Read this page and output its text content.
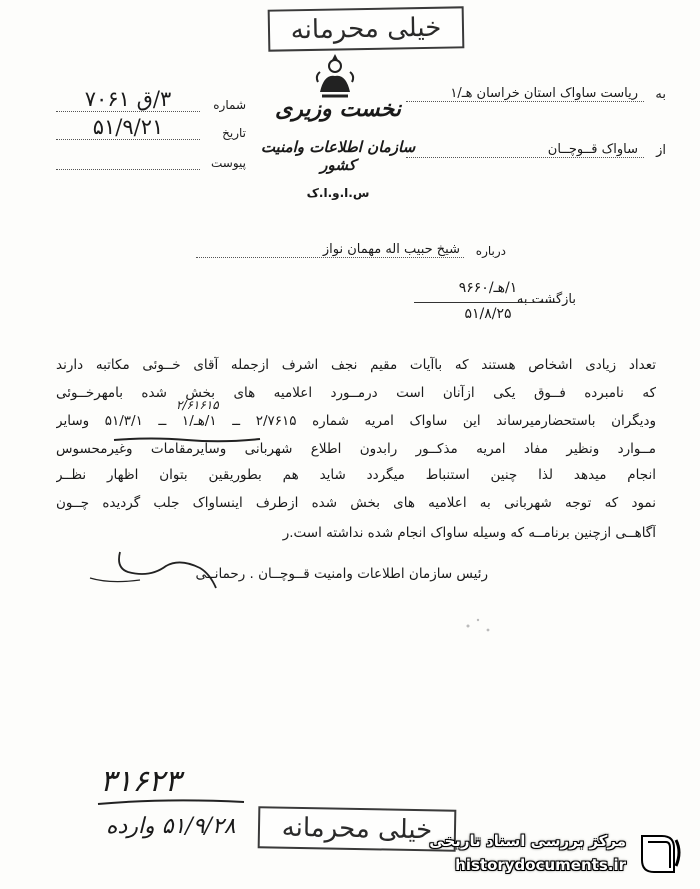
خیلی محرمانه
نخست وزیری
سازمان اطلاعات وامنیت کشور
س.ا.و.ا.ک
شماره
۳/ق ۷۰۶۱
تاریخ
۵۱/۹/۲۱
پیوست
به
ریاست ساواک استان خراسان هـ/۱
از
ساواک قــوچــان
درباره
شیخ حبیب اله مهمان نواز
بازگشت به
۱/هـ/۹۶۶۰
۵۱/۸/۲۵
تعداد زیادی اشخاص هستند که باآیات مقیم نجف اشرف ازجمله آقای خــوئی مکاتبه دارند
که نامبرده فــوق یکی ازآنان است درمــورد اعلامیه های بخش شده بامهرخــوئی
۲/۶۱۶۱۵
ودیگران باستحضارمیرساند این ساواک امریه شماره ۲/۷۶۱۵ ــ ۱/هـ/۱ ــ ۵۱/۳/۱ وسایر
مــوارد ونظیر مفاد امریه مذکــور رابدون اطلاع شهربانی وسایرمقامات وغیرمحسوس
انجام میدهد لذا چنین استنباط میگردد شاید هم بطوریقین بتوان اظهار نظــر
نمود که توجه شهربانی به اعلامیه های بخش شده ازطرف اینساواک جلب گردیده چــون
آگاهــی ازچنین برنامــه که وسیله ساواک انجام شده نداشته است.ر
رئیس سازمان اطلاعات وامنیت قــوچــان . رحمانــی
۳۱۶۲۳
۵۱/۹/۲۸ وارده	خیلی محرمانه
مرکز بررسی اسناد تاریخی
historydocuments.ir
